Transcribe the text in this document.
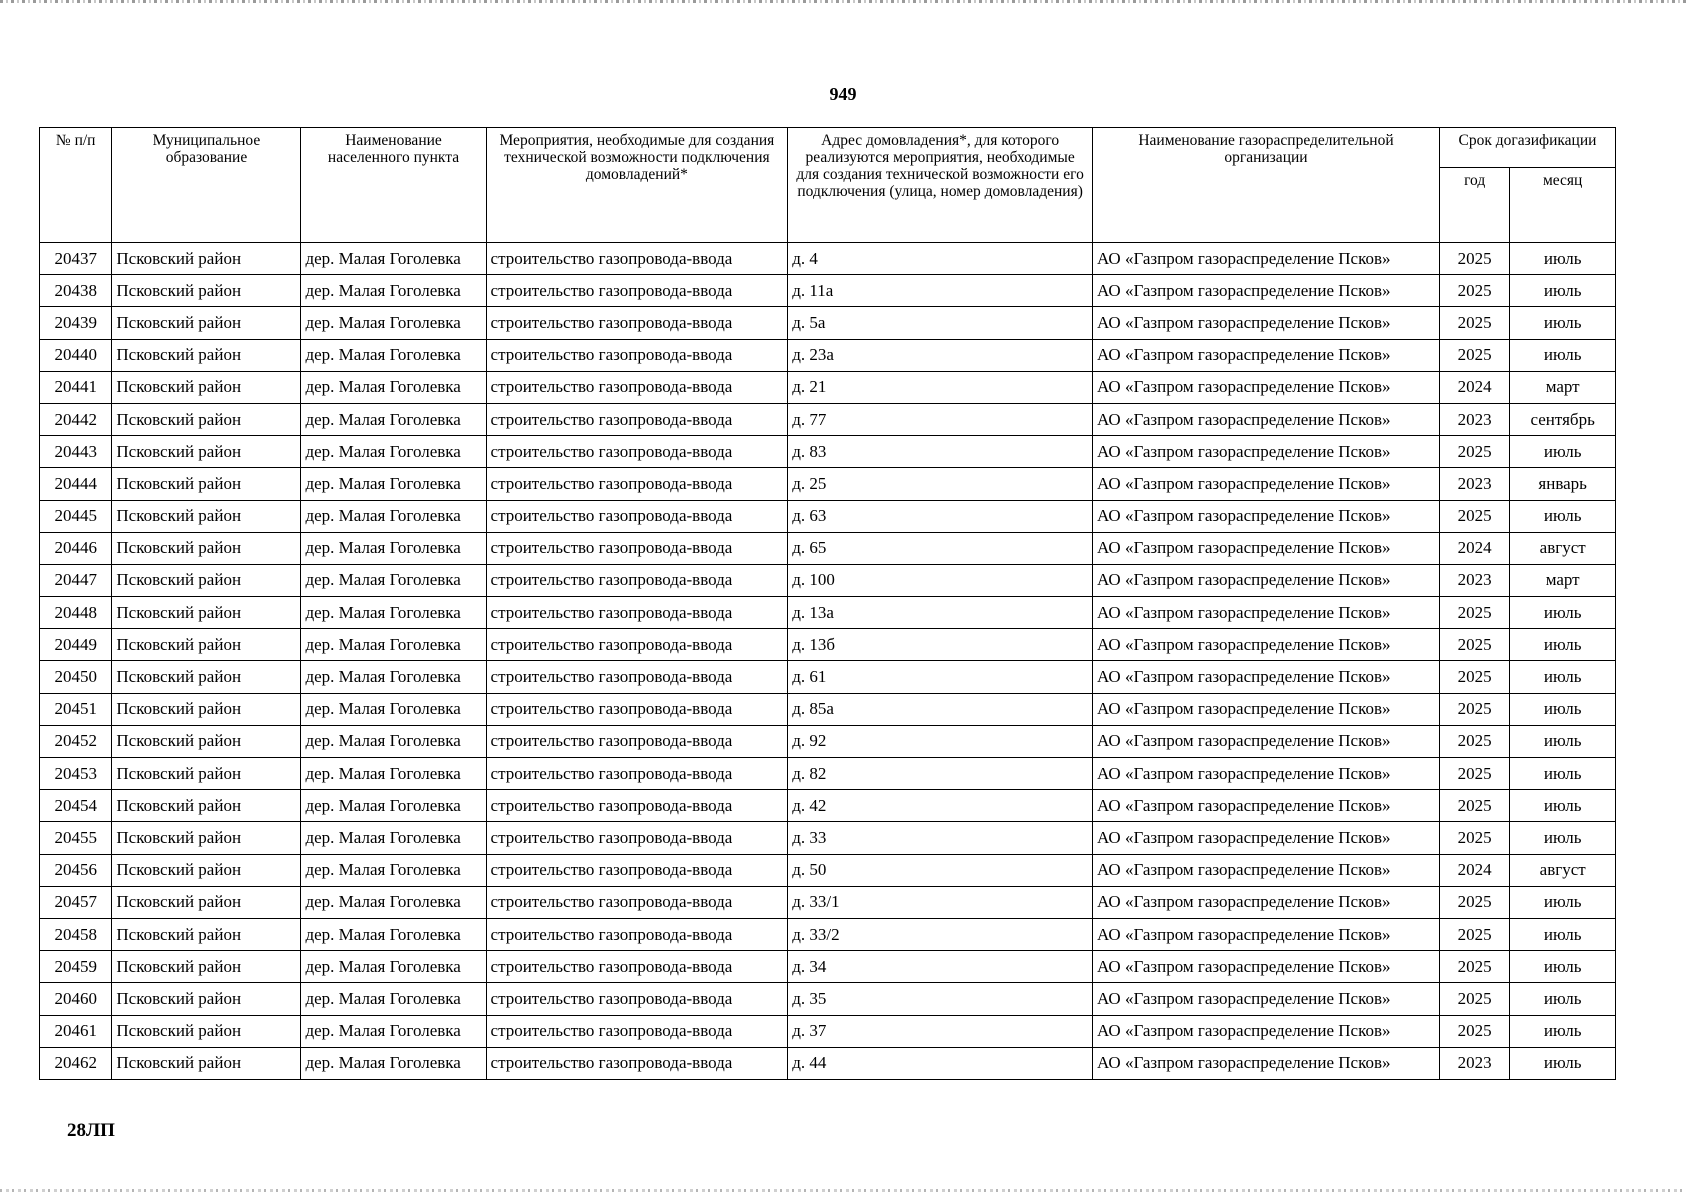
949
№ п/п	Муниципальное образование	Наименование населенного пункта	Мероприятия, необходимые для создания технической возможности подключения домовладений*	Адрес домовладения*, для которого реализуются мероприятия, необходимые для создания технической возможности его подключения (улица, номер домовладения)	Наименование газораспределительной организации	Срок догазификации	
						год	месяц
20437	Псковский район	дер. Малая Гоголевка	строительство газопровода-ввода	д. 4	АО «Газпром газораспределение Псков»	2025	июль
20438	Псковский район	дер. Малая Гоголевка	строительство газопровода-ввода	д. 11а	АО «Газпром газораспределение Псков»	2025	июль
20439	Псковский район	дер. Малая Гоголевка	строительство газопровода-ввода	д. 5а	АО «Газпром газораспределение Псков»	2025	июль
20440	Псковский район	дер. Малая Гоголевка	строительство газопровода-ввода	д. 23а	АО «Газпром газораспределение Псков»	2025	июль
20441	Псковский район	дер. Малая Гоголевка	строительство газопровода-ввода	д. 21	АО «Газпром газораспределение Псков»	2024	март
20442	Псковский район	дер. Малая Гоголевка	строительство газопровода-ввода	д. 77	АО «Газпром газораспределение Псков»	2023	сентябрь
20443	Псковский район	дер. Малая Гоголевка	строительство газопровода-ввода	д. 83	АО «Газпром газораспределение Псков»	2025	июль
20444	Псковский район	дер. Малая Гоголевка	строительство газопровода-ввода	д. 25	АО «Газпром газораспределение Псков»	2023	январь
20445	Псковский район	дер. Малая Гоголевка	строительство газопровода-ввода	д. 63	АО «Газпром газораспределение Псков»	2025	июль
20446	Псковский район	дер. Малая Гоголевка	строительство газопровода-ввода	д. 65	АО «Газпром газораспределение Псков»	2024	август
20447	Псковский район	дер. Малая Гоголевка	строительство газопровода-ввода	д. 100	АО «Газпром газораспределение Псков»	2023	март
20448	Псковский район	дер. Малая Гоголевка	строительство газопровода-ввода	д. 13а	АО «Газпром газораспределение Псков»	2025	июль
20449	Псковский район	дер. Малая Гоголевка	строительство газопровода-ввода	д. 13б	АО «Газпром газораспределение Псков»	2025	июль
20450	Псковский район	дер. Малая Гоголевка	строительство газопровода-ввода	д. 61	АО «Газпром газораспределение Псков»	2025	июль
20451	Псковский район	дер. Малая Гоголевка	строительство газопровода-ввода	д. 85а	АО «Газпром газораспределение Псков»	2025	июль
20452	Псковский район	дер. Малая Гоголевка	строительство газопровода-ввода	д. 92	АО «Газпром газораспределение Псков»	2025	июль
20453	Псковский район	дер. Малая Гоголевка	строительство газопровода-ввода	д. 82	АО «Газпром газораспределение Псков»	2025	июль
20454	Псковский район	дер. Малая Гоголевка	строительство газопровода-ввода	д. 42	АО «Газпром газораспределение Псков»	2025	июль
20455	Псковский район	дер. Малая Гоголевка	строительство газопровода-ввода	д. 33	АО «Газпром газораспределение Псков»	2025	июль
20456	Псковский район	дер. Малая Гоголевка	строительство газопровода-ввода	д. 50	АО «Газпром газораспределение Псков»	2024	август
20457	Псковский район	дер. Малая Гоголевка	строительство газопровода-ввода	д. 33/1	АО «Газпром газораспределение Псков»	2025	июль
20458	Псковский район	дер. Малая Гоголевка	строительство газопровода-ввода	д. 33/2	АО «Газпром газораспределение Псков»	2025	июль
20459	Псковский район	дер. Малая Гоголевка	строительство газопровода-ввода	д. 34	АО «Газпром газораспределение Псков»	2025	июль
20460	Псковский район	дер. Малая Гоголевка	строительство газопровода-ввода	д. 35	АО «Газпром газораспределение Псков»	2025	июль
20461	Псковский район	дер. Малая Гоголевка	строительство газопровода-ввода	д. 37	АО «Газпром газораспределение Псков»	2025	июль
20462	Псковский район	дер. Малая Гоголевка	строительство газопровода-ввода	д. 44	АО «Газпром газораспределение Псков»	2023	июль
28ЛП
